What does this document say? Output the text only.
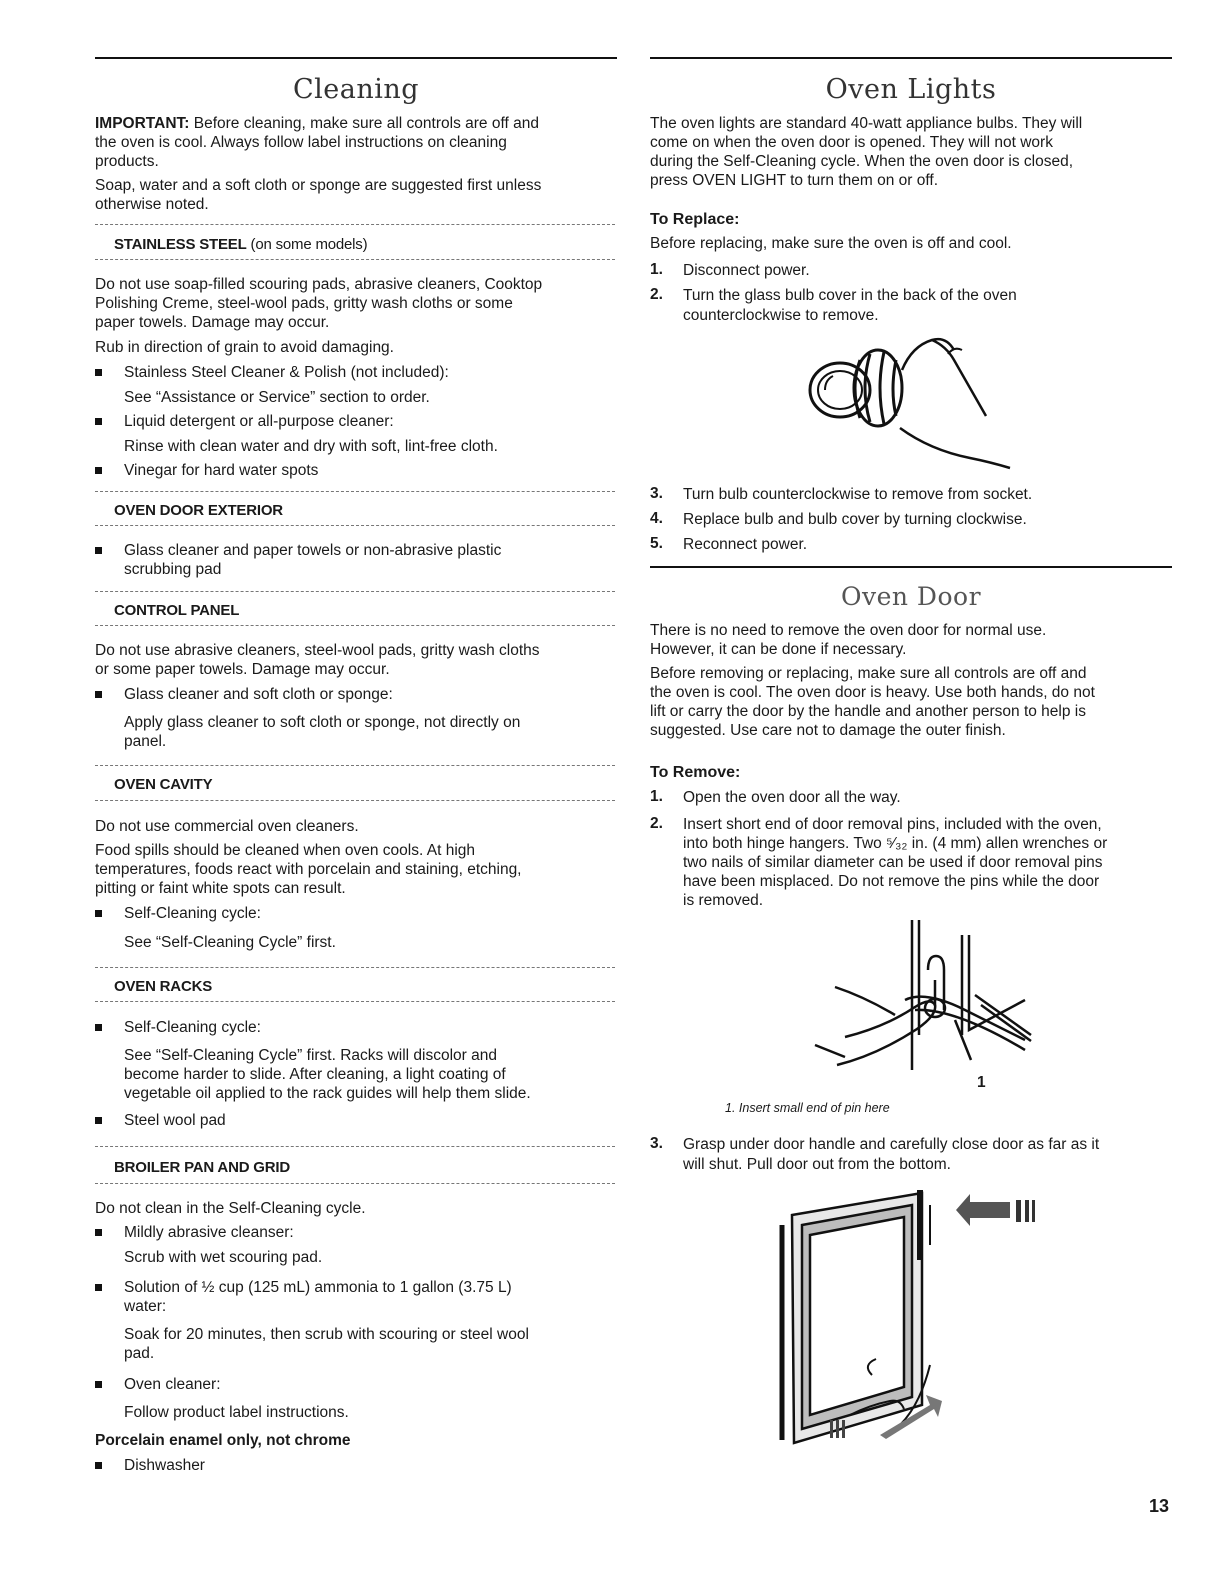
Cleaning
IMPORTANT: Before cleaning, make sure all controls are off and
the oven is cool. Always follow label instructions on cleaning
products.
Soap, water and a soft cloth or sponge are suggested first unless
otherwise noted.
STAINLESS STEEL (on some models)
Do not use soap-filled scouring pads, abrasive cleaners, Cooktop
Polishing Creme, steel-wool pads, gritty wash cloths or some
paper towels. Damage may occur.
Rub in direction of grain to avoid damaging.
Stainless Steel Cleaner & Polish (not included):
See “Assistance or Service” section to order.
Liquid detergent or all-purpose cleaner:
Rinse with clean water and dry with soft, lint-free cloth.
Vinegar for hard water spots
OVEN DOOR EXTERIOR
Glass cleaner and paper towels or non-abrasive plastic
scrubbing pad
CONTROL PANEL
Do not use abrasive cleaners, steel-wool pads, gritty wash cloths
or some paper towels. Damage may occur.
Glass cleaner and soft cloth or sponge:
Apply glass cleaner to soft cloth or sponge, not directly on
panel.
OVEN CAVITY
Do not use commercial oven cleaners.
Food spills should be cleaned when oven cools. At high
temperatures, foods react with porcelain and staining, etching,
pitting or faint white spots can result.
Self-Cleaning cycle:
See “Self-Cleaning Cycle” first.
OVEN RACKS
Self-Cleaning cycle:
See “Self-Cleaning Cycle” first. Racks will discolor and
become harder to slide. After cleaning, a light coating of
vegetable oil applied to the rack guides will help them slide.
Steel wool pad
BROILER PAN AND GRID
Do not clean in the Self-Cleaning cycle.
Mildly abrasive cleanser:
Scrub with wet scouring pad.
Solution of ½ cup (125 mL) ammonia to 1 gallon (3.75 L)
water:
Soak for 20 minutes, then scrub with scouring or steel wool
pad.
Oven cleaner:
Follow product label instructions.
Porcelain enamel only, not chrome
Dishwasher
Oven Lights
The oven lights are standard 40-watt appliance bulbs. They will
come on when the oven door is opened. They will not work
during the Self-Cleaning cycle. When the oven door is closed,
press OVEN LIGHT to turn them on or off.
To Replace:
Before replacing, make sure the oven is off and cool.
1. Disconnect power.
2. Turn the glass bulb cover in the back of the oven
counterclockwise to remove.
3. Turn bulb counterclockwise to remove from socket.
4. Replace bulb and bulb cover by turning clockwise.
5. Reconnect power.
Oven Door
There is no need to remove the oven door for normal use.
However, it can be done if necessary.
Before removing or replacing, make sure all controls are off and
the oven is cool. The oven door is heavy. Use both hands, do not
lift or carry the door by the handle and another person to help is
suggested. Use care not to damage the outer finish.
To Remove:
1. Open the oven door all the way.
2. Insert short end of door removal pins, included with the oven,
into both hinge hangers. Two ⁵⁄₃₂ in. (4 mm) allen wrenches or
two nails of similar diameter can be used if door removal pins
have been misplaced. Do not remove the pins while the door
is removed.
1
1. Insert small end of pin here
3. Grasp under door handle and carefully close door as far as it
will shut. Pull door out from the bottom.
13
